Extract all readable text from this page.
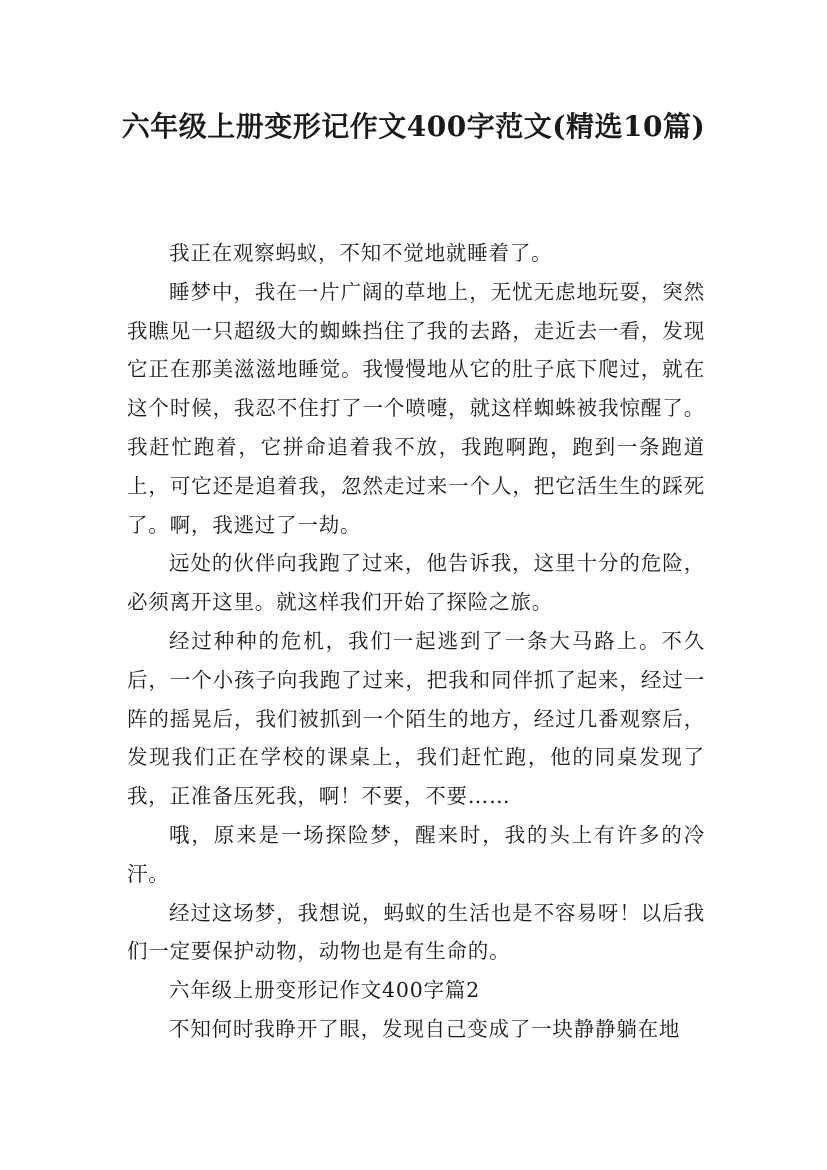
六年级上册变形记作文400字范文(精选10篇)

我正在观察蚂蚁，不知不觉地就睡着了。

睡梦中，我在一片广阔的草地上，无忧无虑地玩耍，突然我瞧见一只超级大的蜘蛛挡住了我的去路，走近去一看，发现它正在那美滋滋地睡觉。我慢慢地从它的肚子底下爬过，就在这个时候，我忍不住打了一个喷嚏，就这样蜘蛛被我惊醒了。我赶忙跑着，它拼命追着我不放，我跑啊跑，跑到一条跑道上，可它还是追着我，忽然走过来一个人，把它活生生的踩死了。啊，我逃过了一劫。

远处的伙伴向我跑了过来，他告诉我，这里十分的危险，必须离开这里。就这样我们开始了探险之旅。

经过种种的危机，我们一起逃到了一条大马路上。不久后，一个小孩子向我跑了过来，把我和同伴抓了起来，经过一阵的摇晃后，我们被抓到一个陌生的地方，经过几番观察后，发现我们正在学校的课桌上，我们赶忙跑，他的同桌发现了我，正准备压死我，啊！不要，不要……

哦，原来是一场探险梦，醒来时，我的头上有许多的冷汗。

经过这场梦，我想说，蚂蚁的生活也是不容易呀！以后我们一定要保护动物，动物也是有生命的。

六年级上册变形记作文400字篇2

不知何时我睁开了眼，发现自己变成了一块静静躺在地
